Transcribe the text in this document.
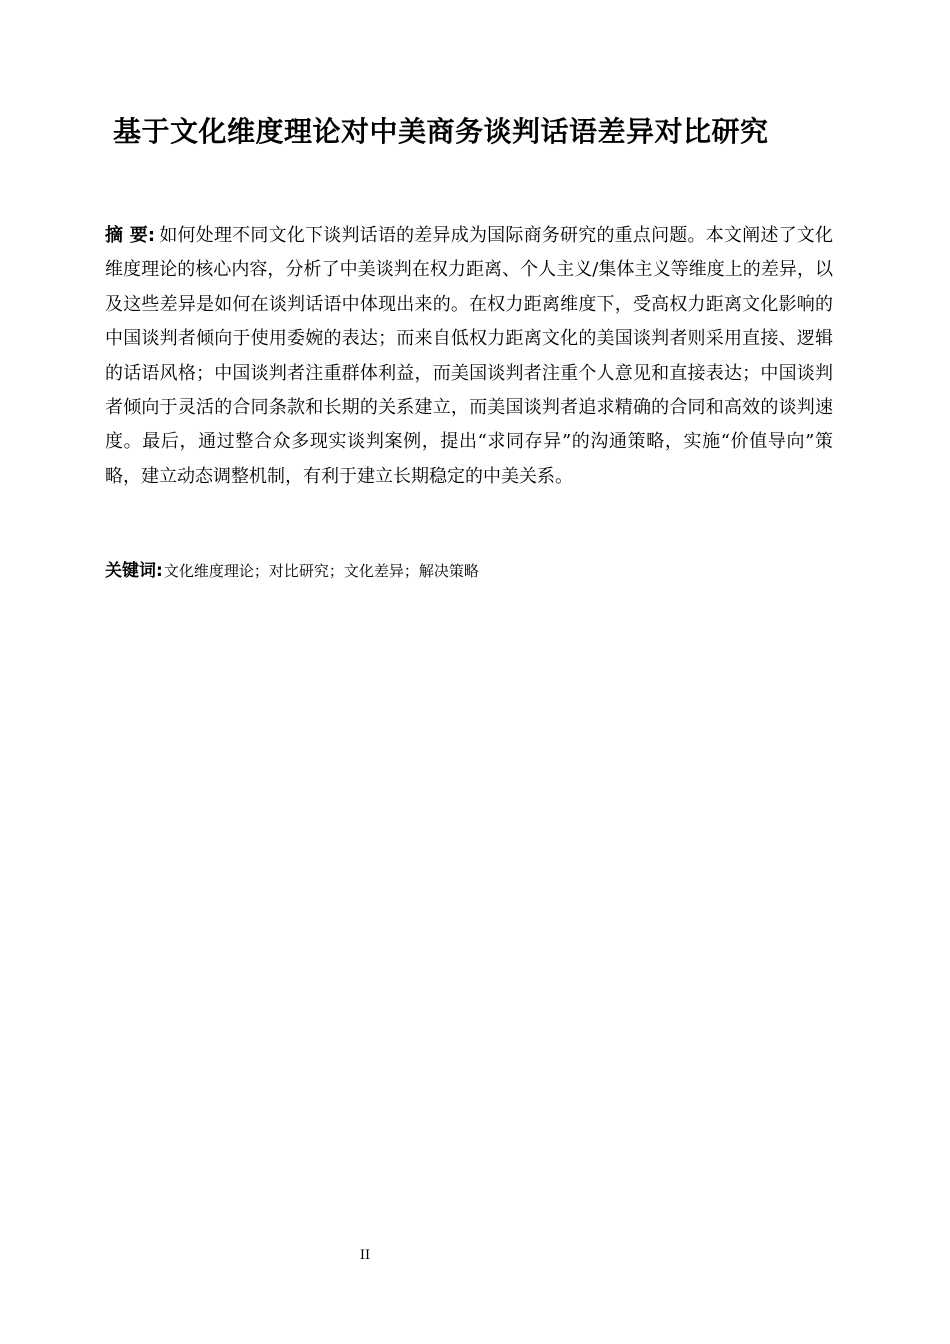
基于文化维度理论对中美商务谈判话语差异对比研究

摘 要: 如何处理不同文化下谈判话语的差异成为国际商务研究的重点问题。本文阐述了文化维度理论的核心内容，分析了中美谈判在权力距离、个人主义/集体主义等维度上的差异，以及这些差异是如何在谈判话语中体现出来的。在权力距离维度下，受高权力距离文化影响的中国谈判者倾向于使用委婉的表达；而来自低权力距离文化的美国谈判者则采用直接、逻辑的话语风格；中国谈判者注重群体利益，而美国谈判者注重个人意见和直接表达；中国谈判者倾向于灵活的合同条款和长期的关系建立，而美国谈判者追求精确的合同和高效的谈判速度。最后，通过整合众多现实谈判案例，提出“求同存异”的沟通策略，实施“价值导向”策略，建立动态调整机制，有利于建立长期稳定的中美关系。

关键词:文化维度理论；对比研究；文化差异；解决策略

II
